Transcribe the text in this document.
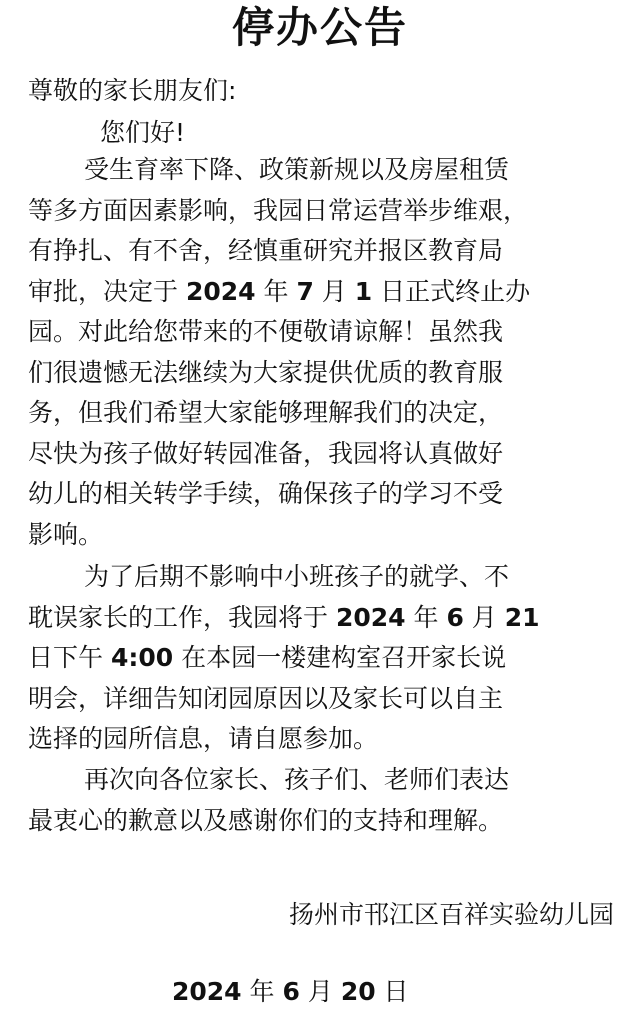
停办公告
尊敬的家长朋友们:
您们好!
受生育率下降、政策新规以及房屋租赁
等多方面因素影响，我园日常运营举步维艰，
有挣扎、有不舍，经慎重研究并报区教育局
审批，决定于 2024 年 7 月 1 日正式终止办
园。对此给您带来的不便敬请谅解！虽然我
们很遗憾无法继续为大家提供优质的教育服
务，但我们希望大家能够理解我们的决定，
尽快为孩子做好转园准备，我园将认真做好
幼儿的相关转学手续，确保孩子的学习不受
影响。
为了后期不影响中小班孩子的就学、不
耽误家长的工作，我园将于 2024 年 6 月 21
日下午 4:00 在本园一楼建构室召开家长说
明会，详细告知闭园原因以及家长可以自主
选择的园所信息，请自愿参加。
再次向各位家长、孩子们、老师们表达
最衷心的歉意以及感谢你们的支持和理解。
扬州市邗江区百祥实验幼儿园
2024 年 6 月 20 日
